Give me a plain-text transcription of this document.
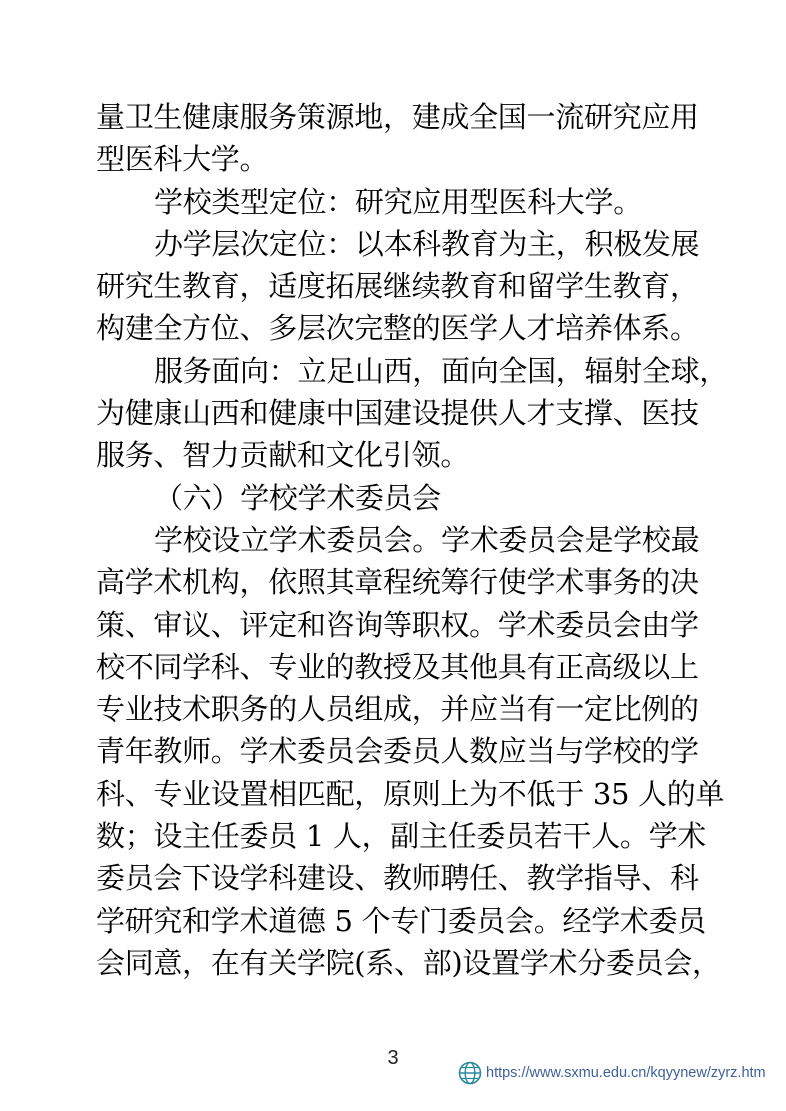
量卫生健康服务策源地，建成全国一流研究应用
型医科大学。
学校类型定位：研究应用型医科大学。
办学层次定位：以本科教育为主，积极发展
研究生教育，适度拓展继续教育和留学生教育，
构建全方位、多层次完整的医学人才培养体系。
服务面向：立足山西，面向全国，辐射全球，
为健康山西和健康中国建设提供人才支撑、医技
服务、智力贡献和文化引领。
（六）学校学术委员会
学校设立学术委员会。学术委员会是学校最
高学术机构，依照其章程统筹行使学术事务的决
策、审议、评定和咨询等职权。学术委员会由学
校不同学科、专业的教授及其他具有正高级以上
专业技术职务的人员组成，并应当有一定比例的
青年教师。学术委员会委员人数应当与学校的学
科、专业设置相匹配，原则上为不低于 35 人的单
数；设主任委员 1 人，副主任委员若干人。学术
委员会下设学科建设、教师聘任、教学指导、科
学研究和学术道德 5 个专门委员会。经学术委员
会同意，在有关学院(系、部)设置学术分委员会，
3
https://www.sxmu.edu.cn/kqyynew/zyrz.htm
